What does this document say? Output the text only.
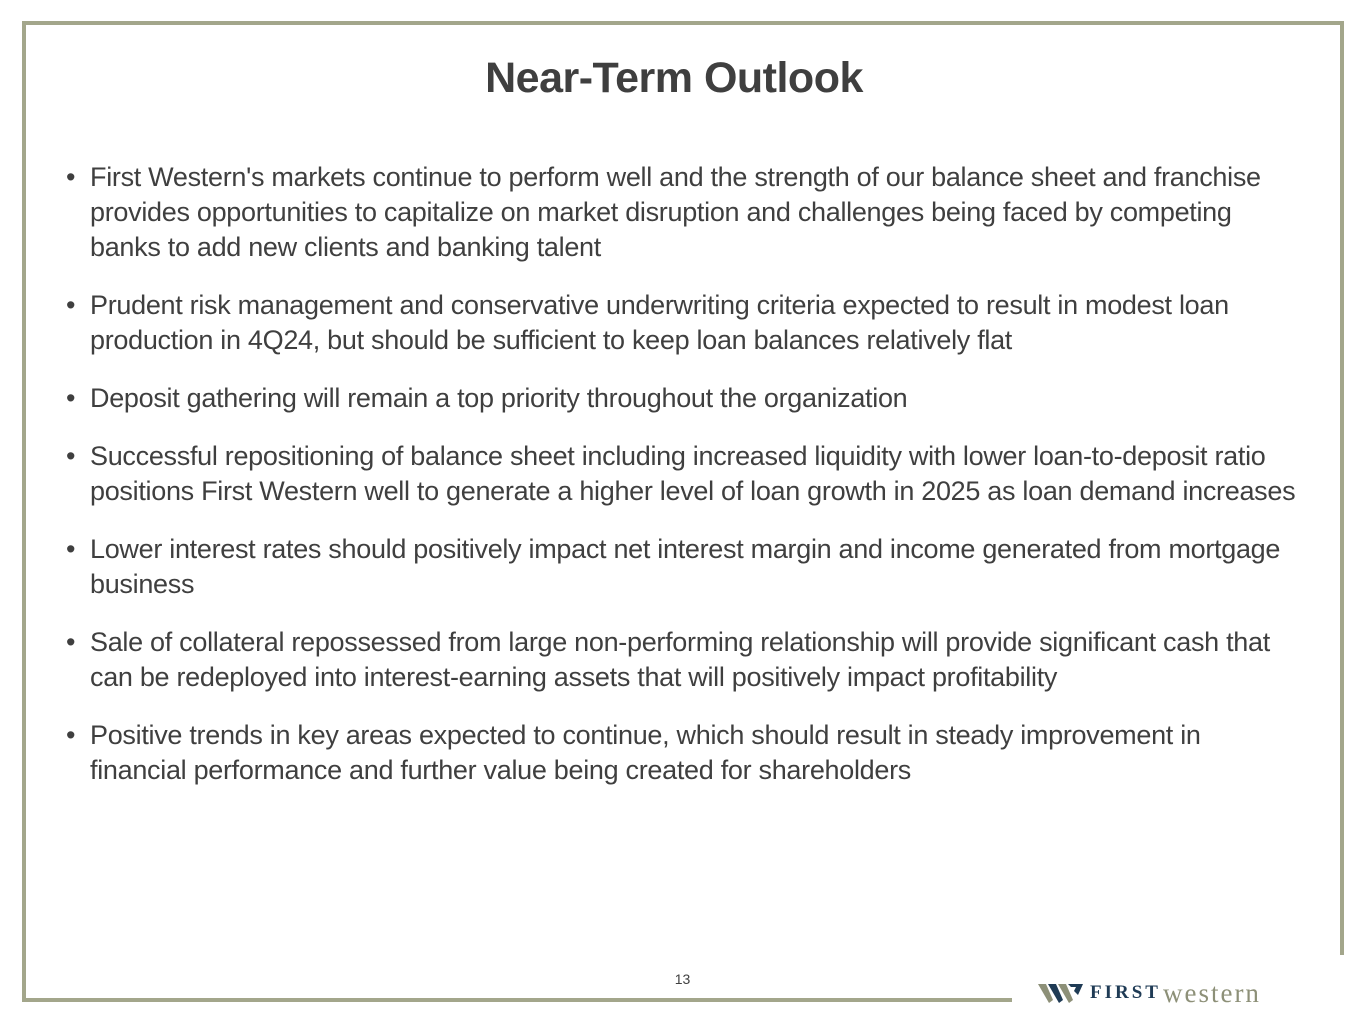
Near-Term Outlook
• First Western's markets continue to perform well and the strength of our balance sheet and franchise provides opportunities to capitalize on market disruption and challenges being faced by competing banks to add new clients and banking talent
• Prudent risk management and conservative underwriting criteria expected to result in modest loan production in 4Q24, but should be sufficient to keep loan balances relatively flat
• Deposit gathering will remain a top priority throughout the organization
• Successful repositioning of balance sheet including increased liquidity with lower loan-to-deposit ratio positions First Western well to generate a higher level of loan growth in 2025 as loan demand increases
• Lower interest rates should positively impact net interest margin and income generated from mortgage business
• Sale of collateral repossessed from large non-performing relationship will provide significant cash that can be redeployed into interest-earning assets that will positively impact profitability
• Positive trends in key areas expected to continue, which should result in steady improvement in financial performance and further value being created for shareholders
13
FIRST western
